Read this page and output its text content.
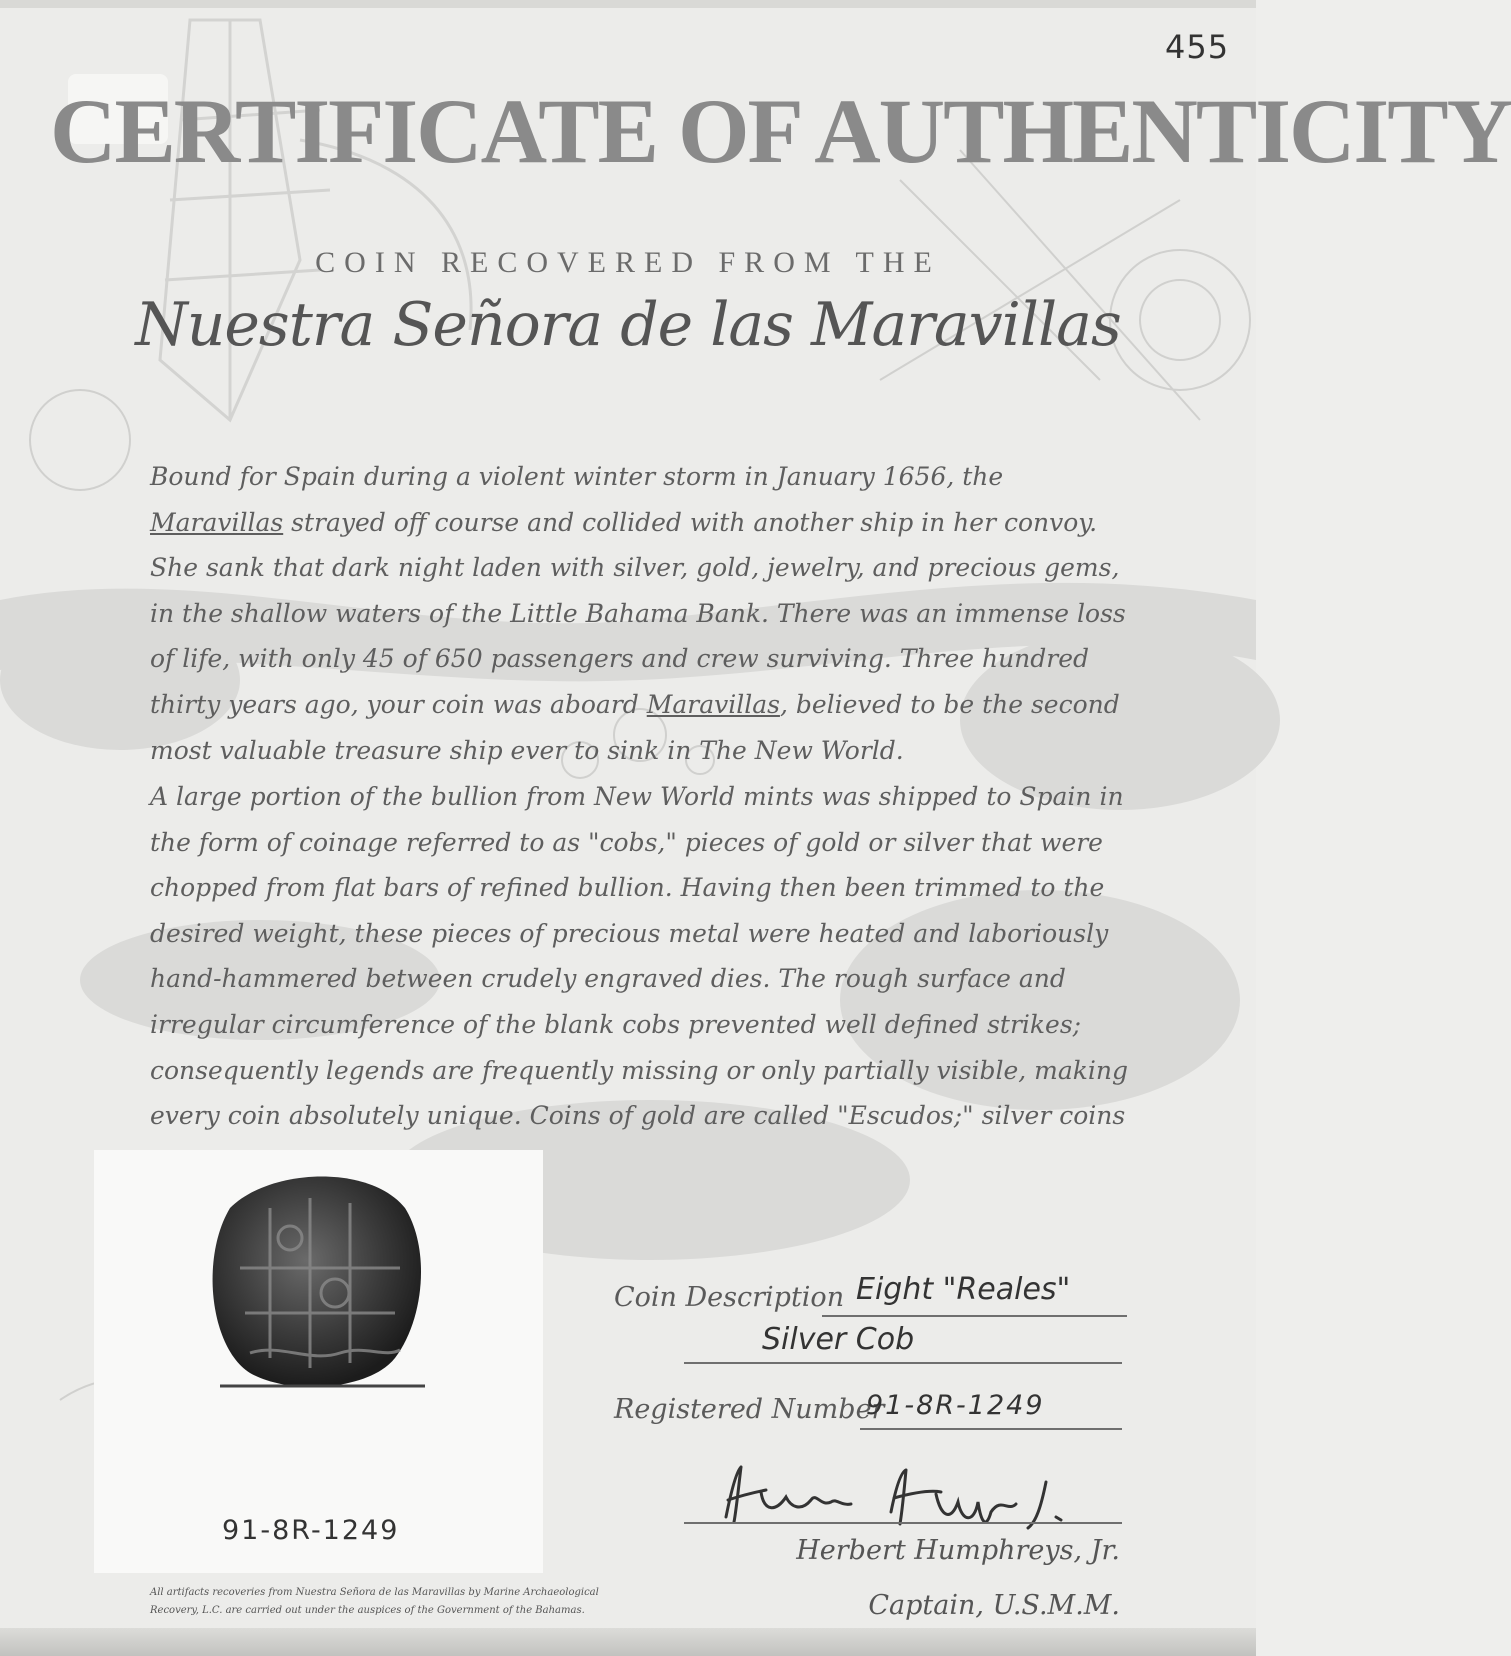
455
CERTIFICATE OF AUTHENTICITY
COIN RECOVERED FROM THE
Nuestra Señora de las Maravillas

Bound for Spain during a violent winter storm in January 1656, the Maravillas strayed off course and collided with another ship in her convoy. She sank that dark night laden with silver, gold, jewelry, and precious gems, in the shallow waters of the Little Bahama Bank. There was an immense loss of life, with only 45 of 650 passengers and crew surviving. Three hundred thirty years ago, your coin was aboard Maravillas, believed to be the second most valuable treasure ship ever to sink in The New World.

A large portion of the bullion from New World mints was shipped to Spain in the form of coinage referred to as "cobs," pieces of gold or silver that were chopped from flat bars of refined bullion. Having then been trimmed to the desired weight, these pieces of precious metal were heated and laboriously hand-hammered between crudely engraved dies. The rough surface and irregular circumference of the blank cobs prevented well defined strikes; consequently legends are frequently missing or only partially visible, making every coin absolutely unique. Coins of gold are called "Escudos;" silver coins

91-8R-1249

All artifacts recoveries from Nuestra Señora de las Maravillas by Marine Archaeological Recovery, L.C. are carried out under the auspices of the Government of the Bahamas.

Coin Description Eight "Reales"
Silver Cob
Registered Number
91-8R-1249
Herbert Humphreys, Jr.
Captain, U.S.M.M.
